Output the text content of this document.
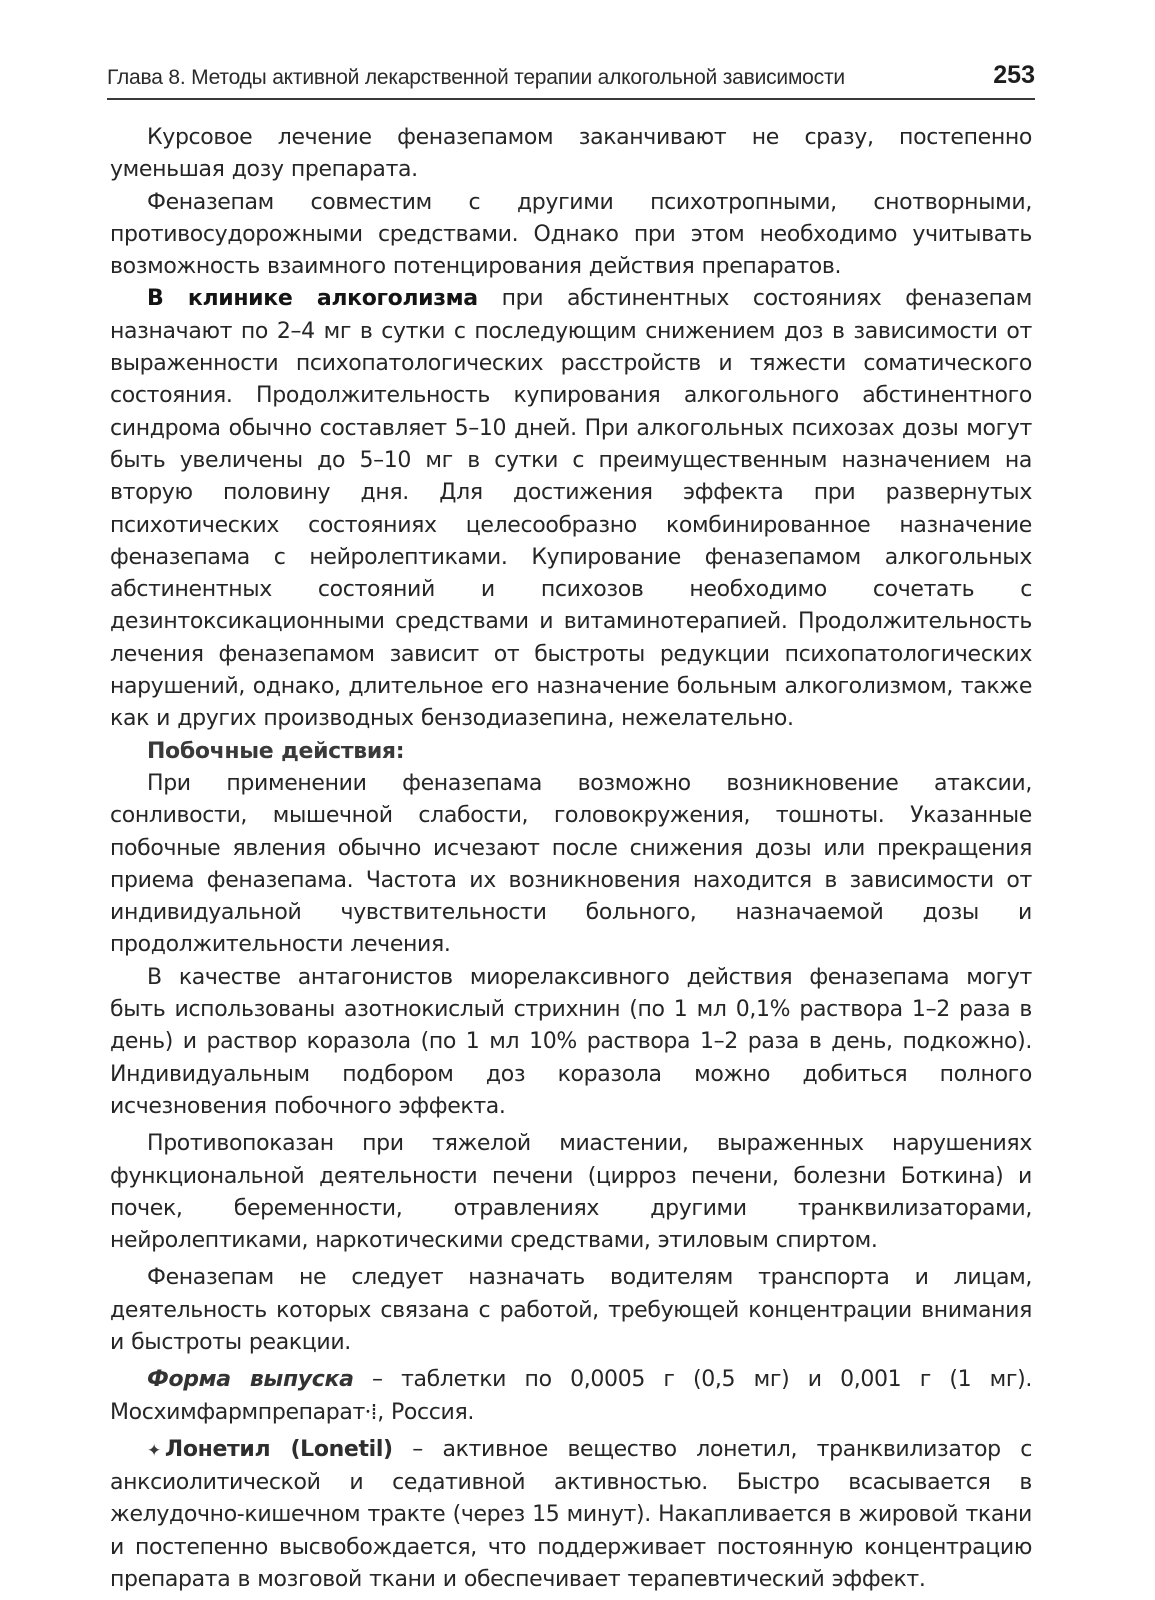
Глава 8. Методы активной лекарственной терапии алкогольной зависимости	253

Курсовое лечение феназепамом заканчивают не сразу, постепенно уменьшая дозу препарата.

Феназепам совместим с другими психотропными, снотворными, противосудорожными средствами. Однако при этом необходимо учитывать возможность взаимного потенцирования действия препаратов.

В клинике алкоголизма при абстинентных состояниях феназепам назначают по 2–4 мг в сутки с последующим снижением доз в зависимости от выраженности психопатологических расстройств и тяжести соматического состояния. Продолжительность купирования алкогольного абстинентного синдрома обычно составляет 5–10 дней. При алкогольных психозах дозы могут быть увеличены до 5–10 мг в сутки с преимущественным назначением на вторую половину дня. Для достижения эффекта при развернутых психотических состояниях целесообразно комбинированное назначение феназепама с нейролептиками. Купирование феназепамом алкогольных абстинентных состояний и психозов необходимо сочетать с дезинтоксикационными средствами и витаминотерапией. Продолжительность лечения феназепамом зависит от быстроты редукции психопатологических нарушений, однако, длительное его назначение больным алкоголизмом, также как и других производных бензодиазепина, нежелательно.

Побочные действия:

При применении феназепама возможно возникновение атаксии, сонливости, мышечной слабости, головокружения, тошноты. Указанные побочные явления обычно исчезают после снижения дозы или прекращения приема феназепама. Частота их возникновения находится в зависимости от индивидуальной чувствительности больного, назначаемой дозы и продолжительности лечения.

В качестве антагонистов миорелаксивного действия феназепама могут быть использованы азотнокислый стрихнин (по 1 мл 0,1% раствора 1–2 раза в день) и раствор коразола (по 1 мл 10% раствора 1–2 раза в день, подкожно). Индивидуальным подбором доз коразола можно добиться полного исчезновения побочного эффекта.

Противопоказан при тяжелой миастении, выраженных нарушениях функциональной деятельности печени (цирроз печени, болезни Боткина) и почек, беременности, отравлениях другими транквилизаторами, нейролептиками, наркотическими средствами, этиловым спиртом.

Феназепам не следует назначать водителям транспорта и лицам, деятельность которых связана с работой, требующей концентрации внимания и быстроты реакции.

Форма выпуска – таблетки по 0,0005 г (0,5 мг) и 0,001 г (1 мг). Мосхимфармпрепарат⸱⁞, Россия.

✦ Лонетил (Lonetil) – активное вещество лонетил, транквилизатор с анксиолитической и седативной активностью. Быстро всасывается в желудочно-кишечном тракте (через 15 минут). Накапливается в жировой ткани и постепенно высвобождается, что поддерживает постоянную концентрацию препарата в мозговой ткани и обеспечивает терапевтический эффект.
